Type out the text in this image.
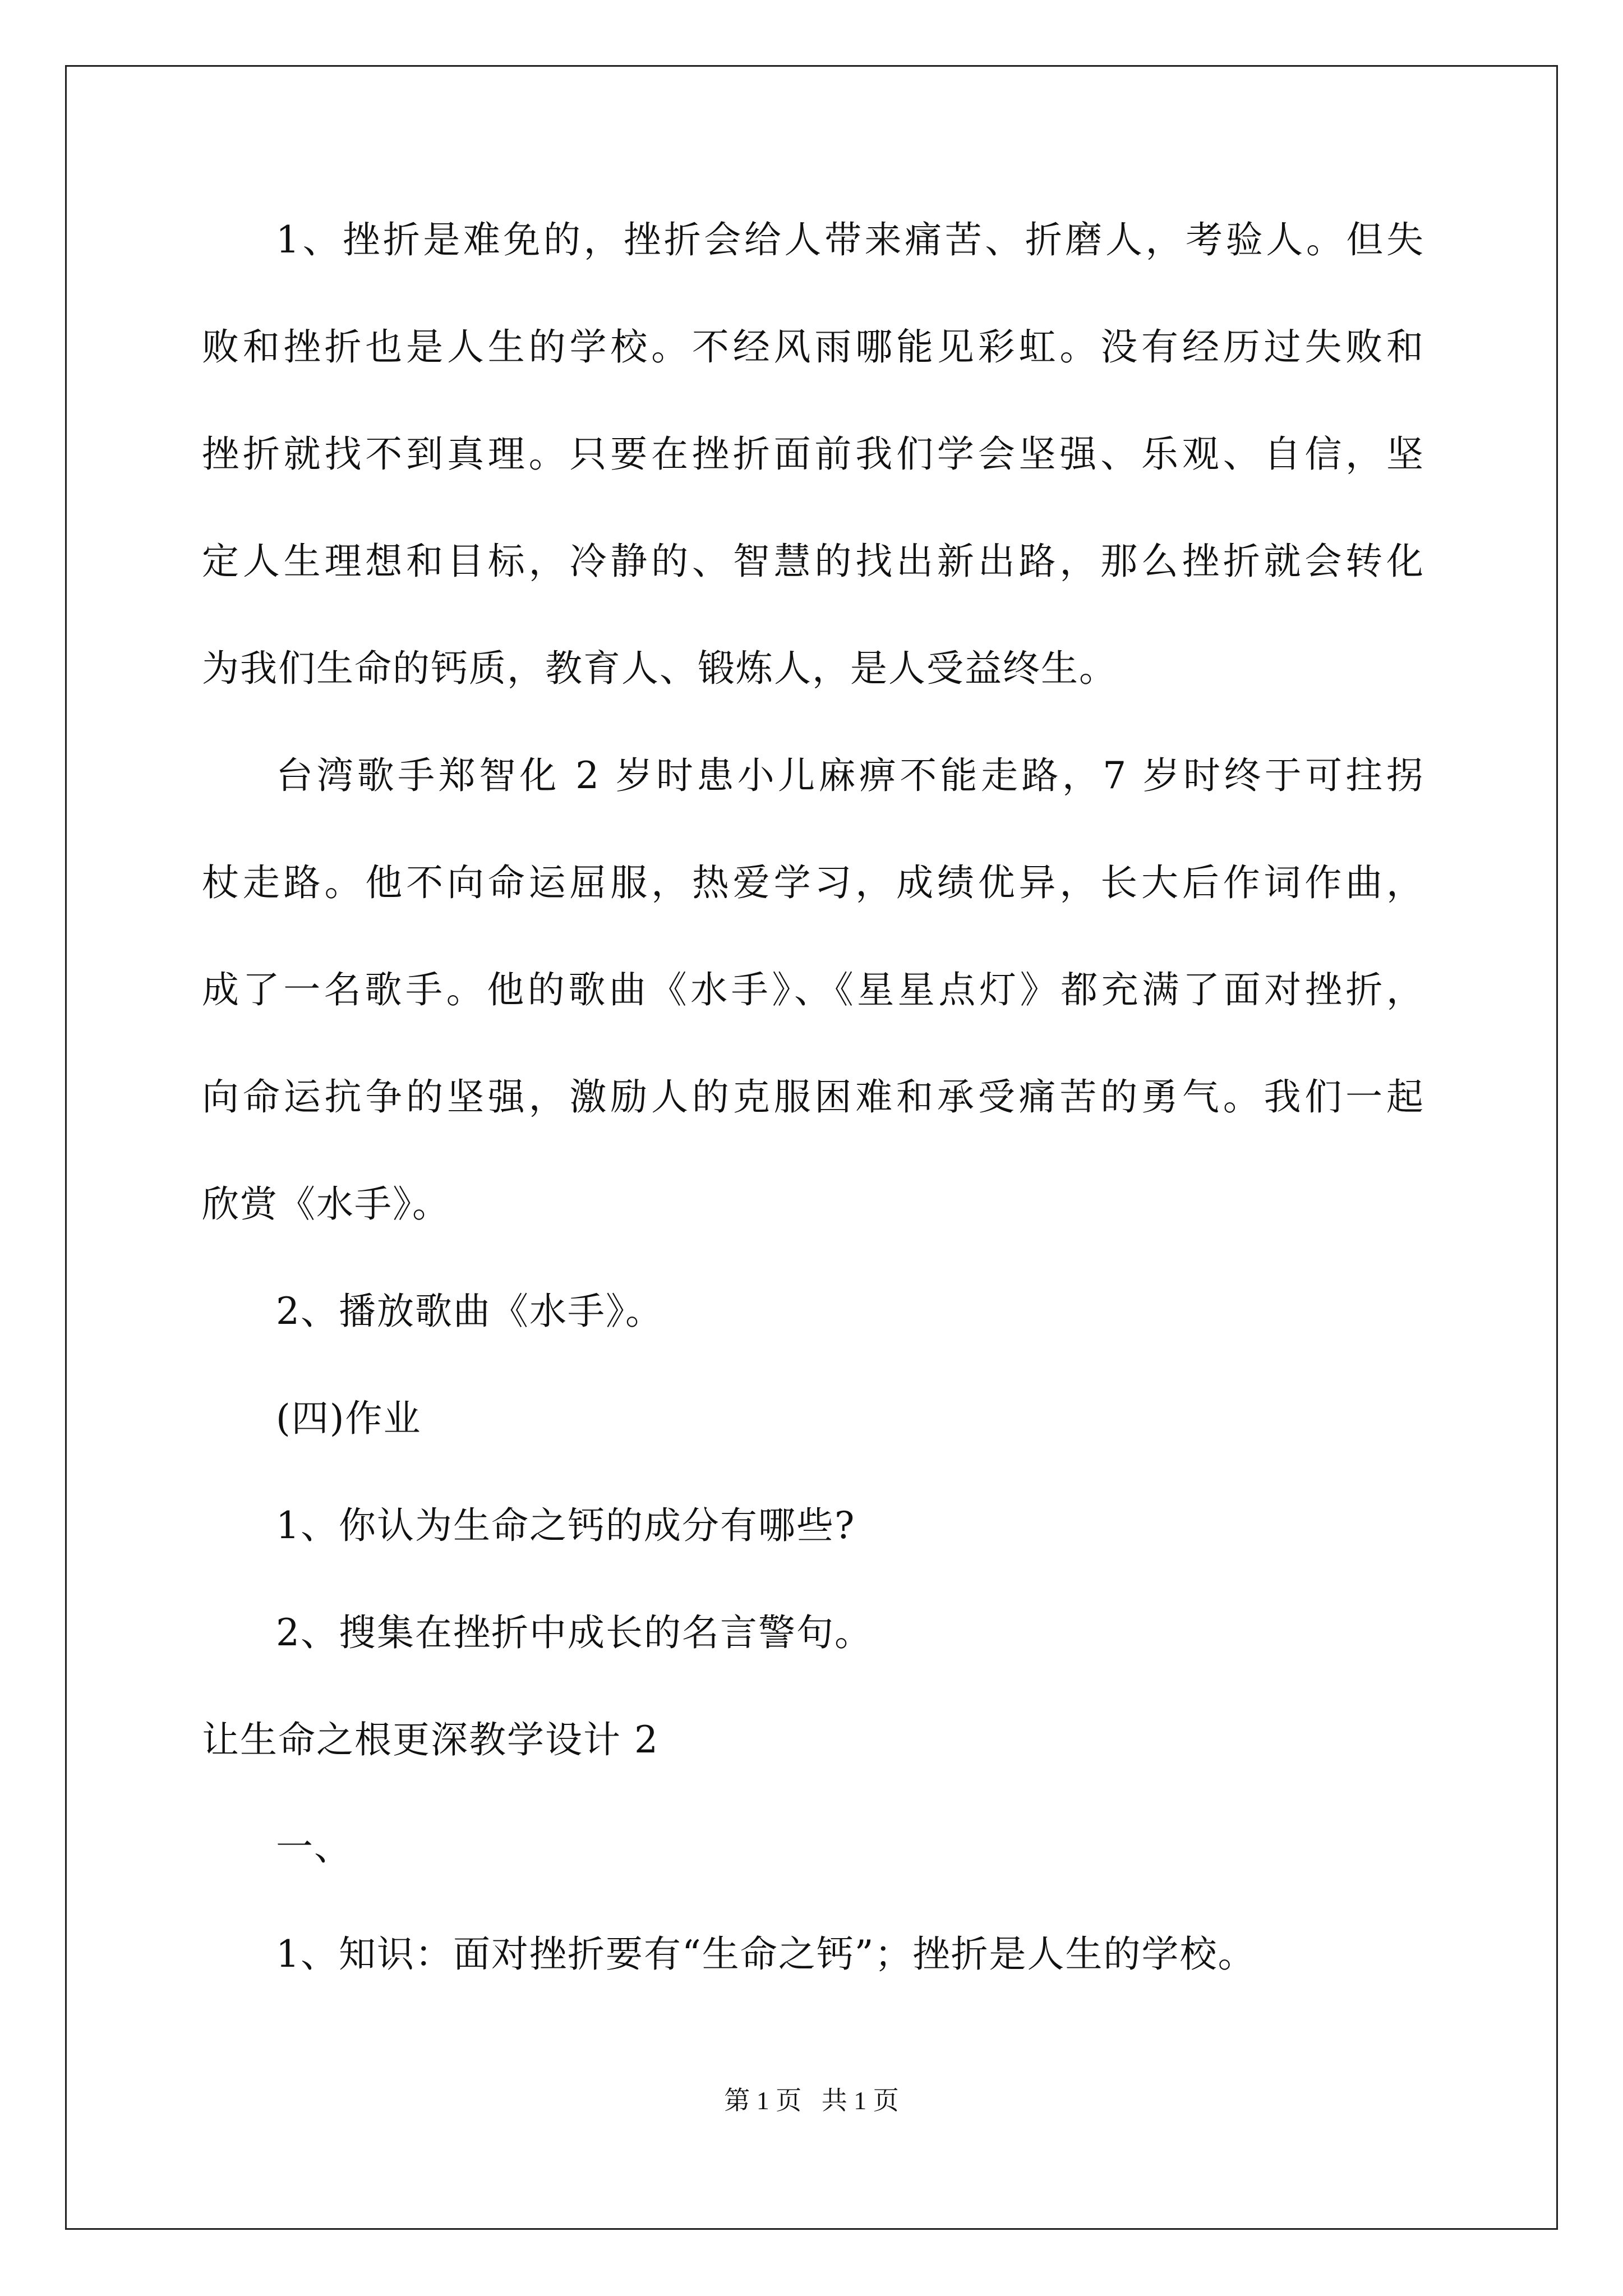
1、挫折是难免的，挫折会给人带来痛苦、折磨人，考验人。但失
败和挫折也是人生的学校。不经风雨哪能见彩虹。没有经历过失败和
挫折就找不到真理。只要在挫折面前我们学会坚强、乐观、自信，坚
定人生理想和目标，冷静的、智慧的找出新出路，那么挫折就会转化
为我们生命的钙质，教育人、锻炼人，是人受益终生。
台湾歌手郑智化 2 岁时患小儿麻痹不能走路，7 岁时终于可拄拐
杖走路。他不向命运屈服，热爱学习，成绩优异，长大后作词作曲，
成了一名歌手。他的歌曲《水手》、《星星点灯》都充满了面对挫折，
向命运抗争的坚强，激励人的克服困难和承受痛苦的勇气。我们一起
欣赏《水手》。
2、播放歌曲《水手》。
(四)作业
1、你认为生命之钙的成分有哪些?
2、搜集在挫折中成长的名言警句。
让生命之根更深教学设计 2
一、
1、知识：面对挫折要有“生命之钙”；挫折是人生的学校。
第 1 页 共 1 页
